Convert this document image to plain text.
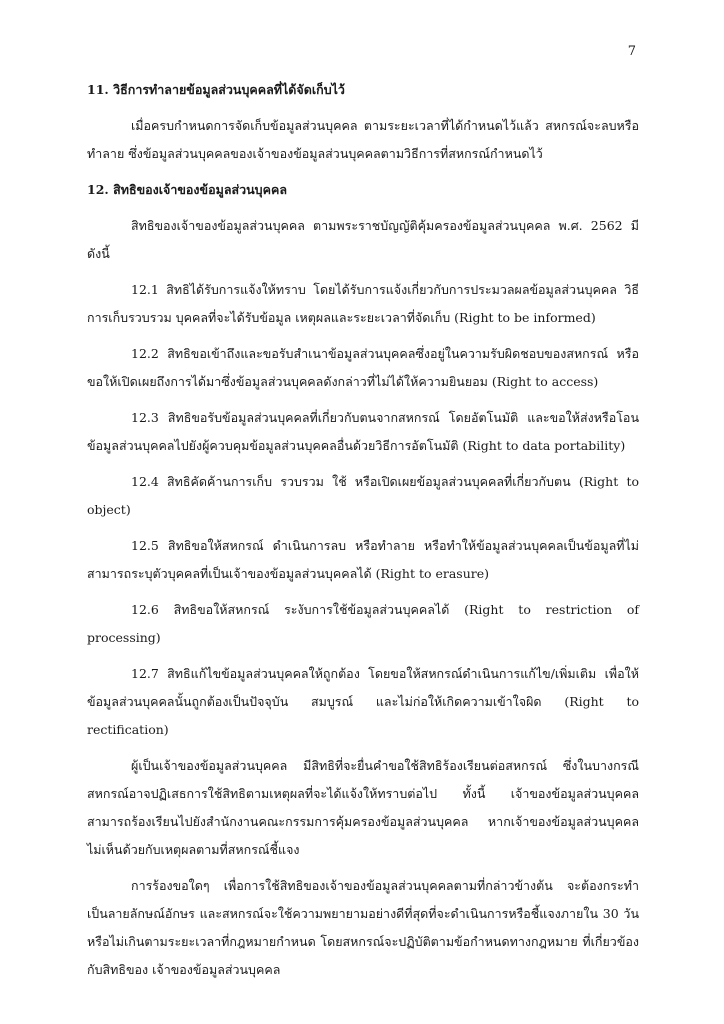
7
11. วิธีการทำลายข้อมูลส่วนบุคคลที่ได้จัดเก็บไว้
เมื่อครบกำหนดการจัดเก็บข้อมูลส่วนบุคคล ตามระยะเวลาที่ได้กำหนดไว้แล้ว สหกรณ์จะลบหรือทำลาย ซึ่งข้อมูลส่วนบุคคลของเจ้าของข้อมูลส่วนบุคคลตามวิธีการที่สหกรณ์กำหนดไว้
12. สิทธิของเจ้าของข้อมูลส่วนบุคคล
สิทธิของเจ้าของข้อมูลส่วนบุคคล ตามพระราชบัญญัติคุ้มครองข้อมูลส่วนบุคคล พ.ศ. 2562 มีดังนี้
12.1 สิทธิได้รับการแจ้งให้ทราบ โดยได้รับการแจ้งเกี่ยวกับการประมวลผลข้อมูลส่วนบุคคล วิธีการเก็บรวบรวม บุคคลที่จะได้รับข้อมูล เหตุผลและระยะเวลาที่จัดเก็บ (Right to be informed)
12.2 สิทธิขอเข้าถึงและขอรับสำเนาข้อมูลส่วนบุคคลซึ่งอยู่ในความรับผิดชอบของสหกรณ์ หรือขอให้เปิดเผยถึงการได้มาซึ่งข้อมูลส่วนบุคคลดังกล่าวที่ไม่ได้ให้ความยินยอม (Right to access)
12.3 สิทธิขอรับข้อมูลส่วนบุคคลที่เกี่ยวกับตนจากสหกรณ์ โดยอัตโนมัติ และขอให้ส่งหรือโอนข้อมูลส่วนบุคคลไปยังผู้ควบคุมข้อมูลส่วนบุคคลอื่นด้วยวิธีการอัตโนมัติ (Right to data portability)
12.4 สิทธิคัดค้านการเก็บ รวบรวม ใช้ หรือเปิดเผยข้อมูลส่วนบุคคลที่เกี่ยวกับตน (Right to object)
12.5 สิทธิขอให้สหกรณ์ ดำเนินการลบ หรือทำลาย หรือทำให้ข้อมูลส่วนบุคคลเป็นข้อมูลที่ไม่สามารถระบุตัวบุคคลที่เป็นเจ้าของข้อมูลส่วนบุคคลได้ (Right to erasure)
12.6 สิทธิขอให้สหกรณ์ ระงับการใช้ข้อมูลส่วนบุคคลได้ (Right to restriction of processing)
12.7 สิทธิแก้ไขข้อมูลส่วนบุคคลให้ถูกต้อง โดยขอให้สหกรณ์ดำเนินการแก้ไข/เพิ่มเติม เพื่อให้ข้อมูลส่วนบุคคลนั้นถูกต้องเป็นปัจจุบัน สมบูรณ์ และไม่ก่อให้เกิดความเข้าใจผิด (Right to rectification)
ผู้เป็นเจ้าของข้อมูลส่วนบุคคล มีสิทธิที่จะยื่นคำขอใช้สิทธิร้องเรียนต่อสหกรณ์ ซึ่งในบางกรณีสหกรณ์อาจปฏิเสธการใช้สิทธิตามเหตุผลที่จะได้แจ้งให้ทราบต่อไป ทั้งนี้ เจ้าของข้อมูลส่วนบุคคลสามารถร้องเรียนไปยังสำนักงานคณะกรรมการคุ้มครองข้อมูลส่วนบุคคล หากเจ้าของข้อมูลส่วนบุคคล ไม่เห็นด้วยกับเหตุผลตามที่สหกรณ์ชี้แจง
การร้องขอใดๆ เพื่อการใช้สิทธิของเจ้าของข้อมูลส่วนบุคคลตามที่กล่าวข้างต้น จะต้องกระทำเป็นลายลักษณ์อักษร และสหกรณ์จะใช้ความพยายามอย่างดีที่สุดที่จะดำเนินการหรือชี้แจงภายใน 30 วัน หรือไม่เกินตามระยะเวลาที่กฎหมายกำหนด โดยสหกรณ์จะปฏิบัติตามข้อกำหนดทางกฎหมาย ที่เกี่ยวข้องกับสิทธิของ เจ้าของข้อมูลส่วนบุคคล
